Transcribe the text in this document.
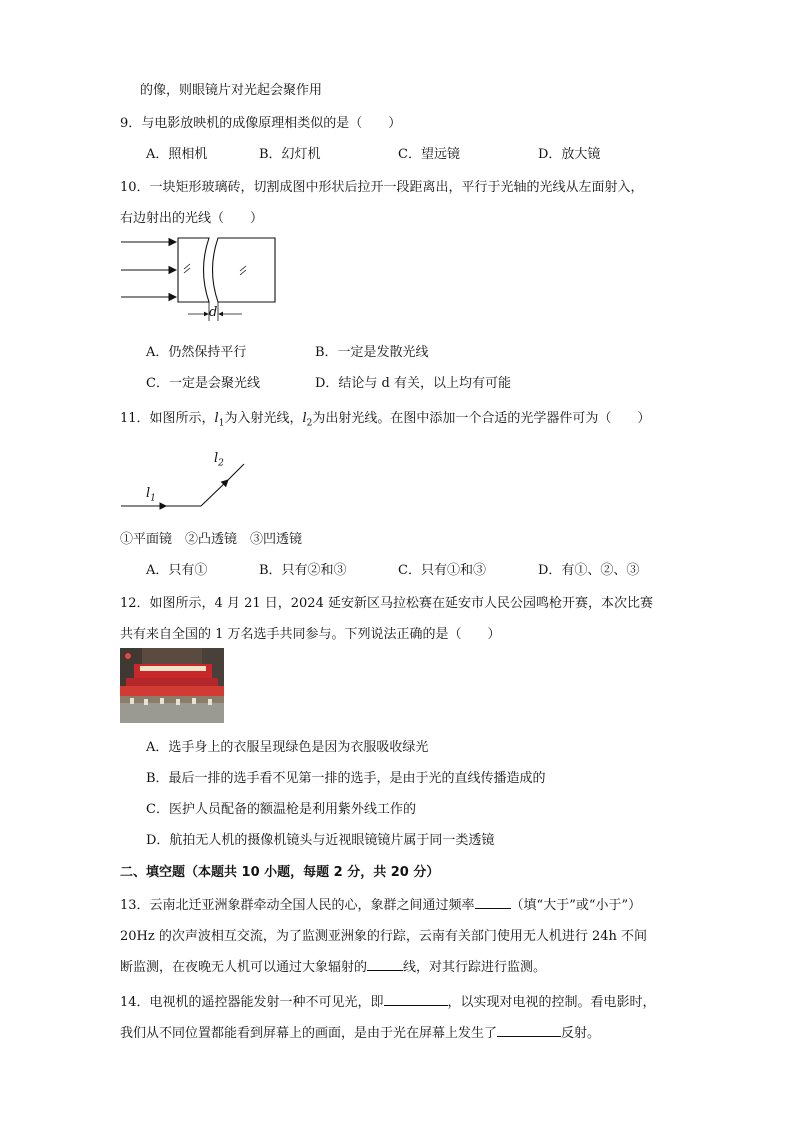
的像，则眼镜片对光起会聚作用
9．与电影放映机的成像原理相类似的是（　　）
A．照相机	B．幻灯机	C．望远镜	D．放大镜
10．一块矩形玻璃砖，切割成图中形状后拉开一段距离出，平行于光轴的光线从左面射入，
右边射出的光线（　　）
d
A．仍然保持平行	B．一定是发散光线
C．一定是会聚光线	D．结论与 d 有关，以上均有可能
11．如图所示，$l_1$为入射光线，$l_2$为出射光线。在图中添加一个合适的光学器件可为（　　）
$l_2$
$l_1$
①平面镜　②凸透镜　③凹透镜
A．只有①	B．只有②和③	C．只有①和③	D．有①、②、③
12．如图所示，4 月 21 日，2024 延安新区马拉松赛在延安市人民公园鸣枪开赛，本次比赛
共有来自全国的 1 万名选手共同参与。下列说法正确的是（　　）
A．选手身上的衣服呈现绿色是因为衣服吸收绿光
B．最后一排的选手看不见第一排的选手，是由于光的直线传播造成的
C．医护人员配备的额温枪是利用紫外线工作的
D．航拍无人机的摄像机镜头与近视眼镜镜片属于同一类透镜
二、填空题（本题共 10 小题，每题 2 分，共 20 分）
13．云南北迁亚洲象群牵动全国人民的心，象群之间通过频率	（填“大于”或“小于”）
20Hz 的次声波相互交流，为了监测亚洲象的行踪，云南有关部门使用无人机进行 24h 不间
断监测，在夜晚无人机可以通过大象辐射的	线，对其行踪进行监测。
14．电视机的遥控器能发射一种不可见光，即	，以实现对电视的控制。看电影时，
我们从不同位置都能看到屏幕上的画面，是由于光在屏幕上发生了	反射。
